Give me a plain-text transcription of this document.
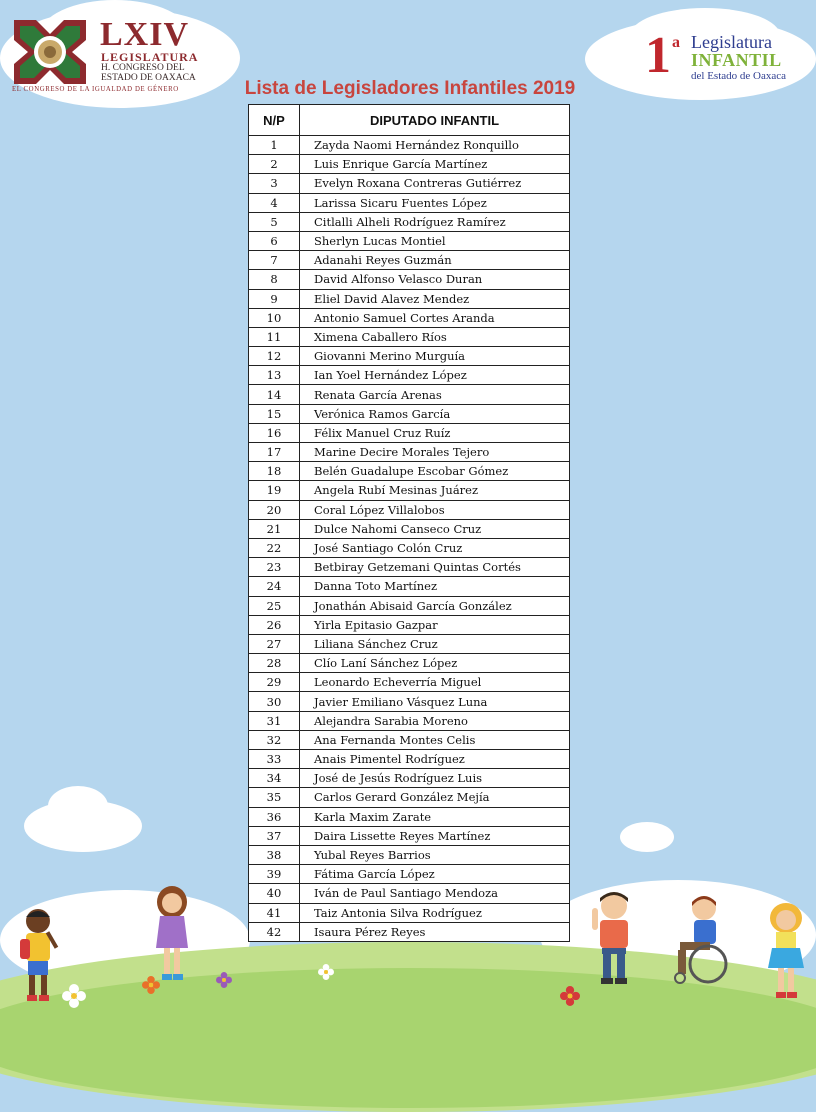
LXIV
LEGISLATURA
H. CONGRESO DEL
ESTADO DE OAXACA
EL CONGRESO DE LA IGUALDAD DE GÉNERO
1 a Legislatura
INFANTIL
del Estado de Oaxaca
Lista de Legisladores Infantiles 2019
N/P	DIPUTADO INFANTIL
1	Zayda Naomi Hernández Ronquillo
2	Luis Enrique García Martínez
3	Evelyn Roxana Contreras Gutiérrez
4	Larissa Sicaru Fuentes López
5	Citlalli Alheli Rodríguez Ramírez
6	Sherlyn Lucas Montiel
7	Adanahi Reyes Guzmán
8	David Alfonso Velasco Duran
9	Eliel David Alavez Mendez
10	Antonio Samuel Cortes Aranda
11	Ximena Caballero Ríos
12	Giovanni Merino Murguía
13	Ian Yoel Hernández López
14	Renata García Arenas
15	Verónica Ramos García
16	Félix Manuel Cruz Ruíz
17	Marine Decire Morales Tejero
18	Belén Guadalupe Escobar Gómez
19	Angela Rubí Mesinas Juárez
20	Coral López Villalobos
21	Dulce Nahomi Canseco Cruz
22	José Santiago Colón Cruz
23	Betbiray Getzemani Quintas Cortés
24	Danna Toto Martínez
25	Jonathán Abisaid García González
26	Yirla Epitasio Gazpar
27	Liliana Sánchez Cruz
28	Clío Laní Sánchez López
29	Leonardo Echeverría Miguel
30	Javier Emiliano Vásquez Luna
31	Alejandra Sarabia Moreno
32	Ana Fernanda Montes Celis
33	Anais Pimentel Rodríguez
34	José de Jesús Rodríguez Luis
35	Carlos Gerard González Mejía
36	Karla Maxim Zarate
37	Daira Lissette Reyes Martínez
38	Yubal Reyes Barrios
39	Fátima García López
40	Iván de Paul Santiago Mendoza
41	Taiz Antonia Silva Rodríguez
42	Isaura Pérez Reyes
